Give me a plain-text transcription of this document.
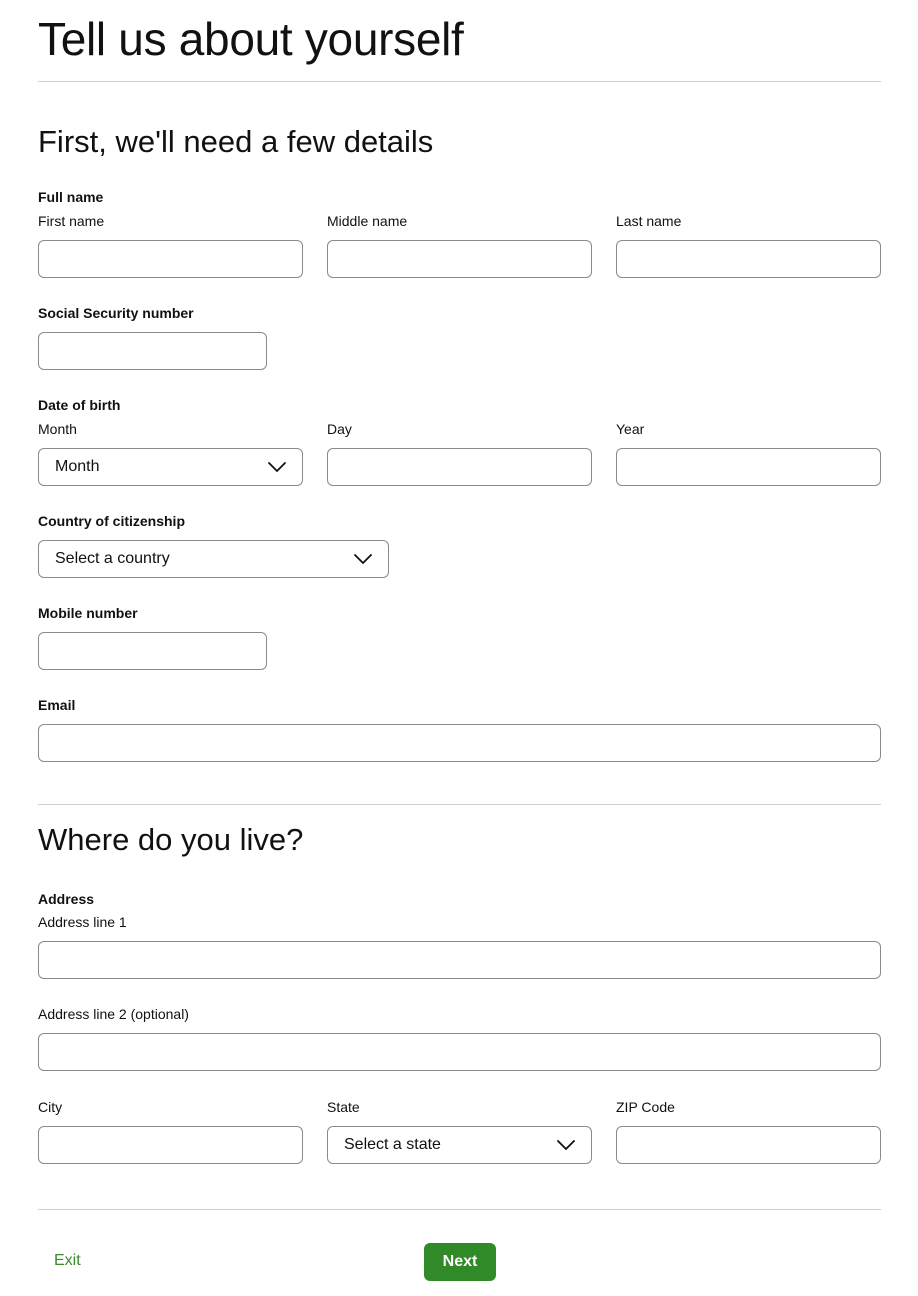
Tell us about yourself
First, we'll need a few details
Full name
First name	Middle name	Last name
Social Security number
Date of birth
Month	Day	Year
Month
Country of citizenship
Select a country
Mobile number
Email
Where do you live?
Address
Address line 1
Address line 2 (optional)
City	State	ZIP Code
Select a state
Exit	Next
